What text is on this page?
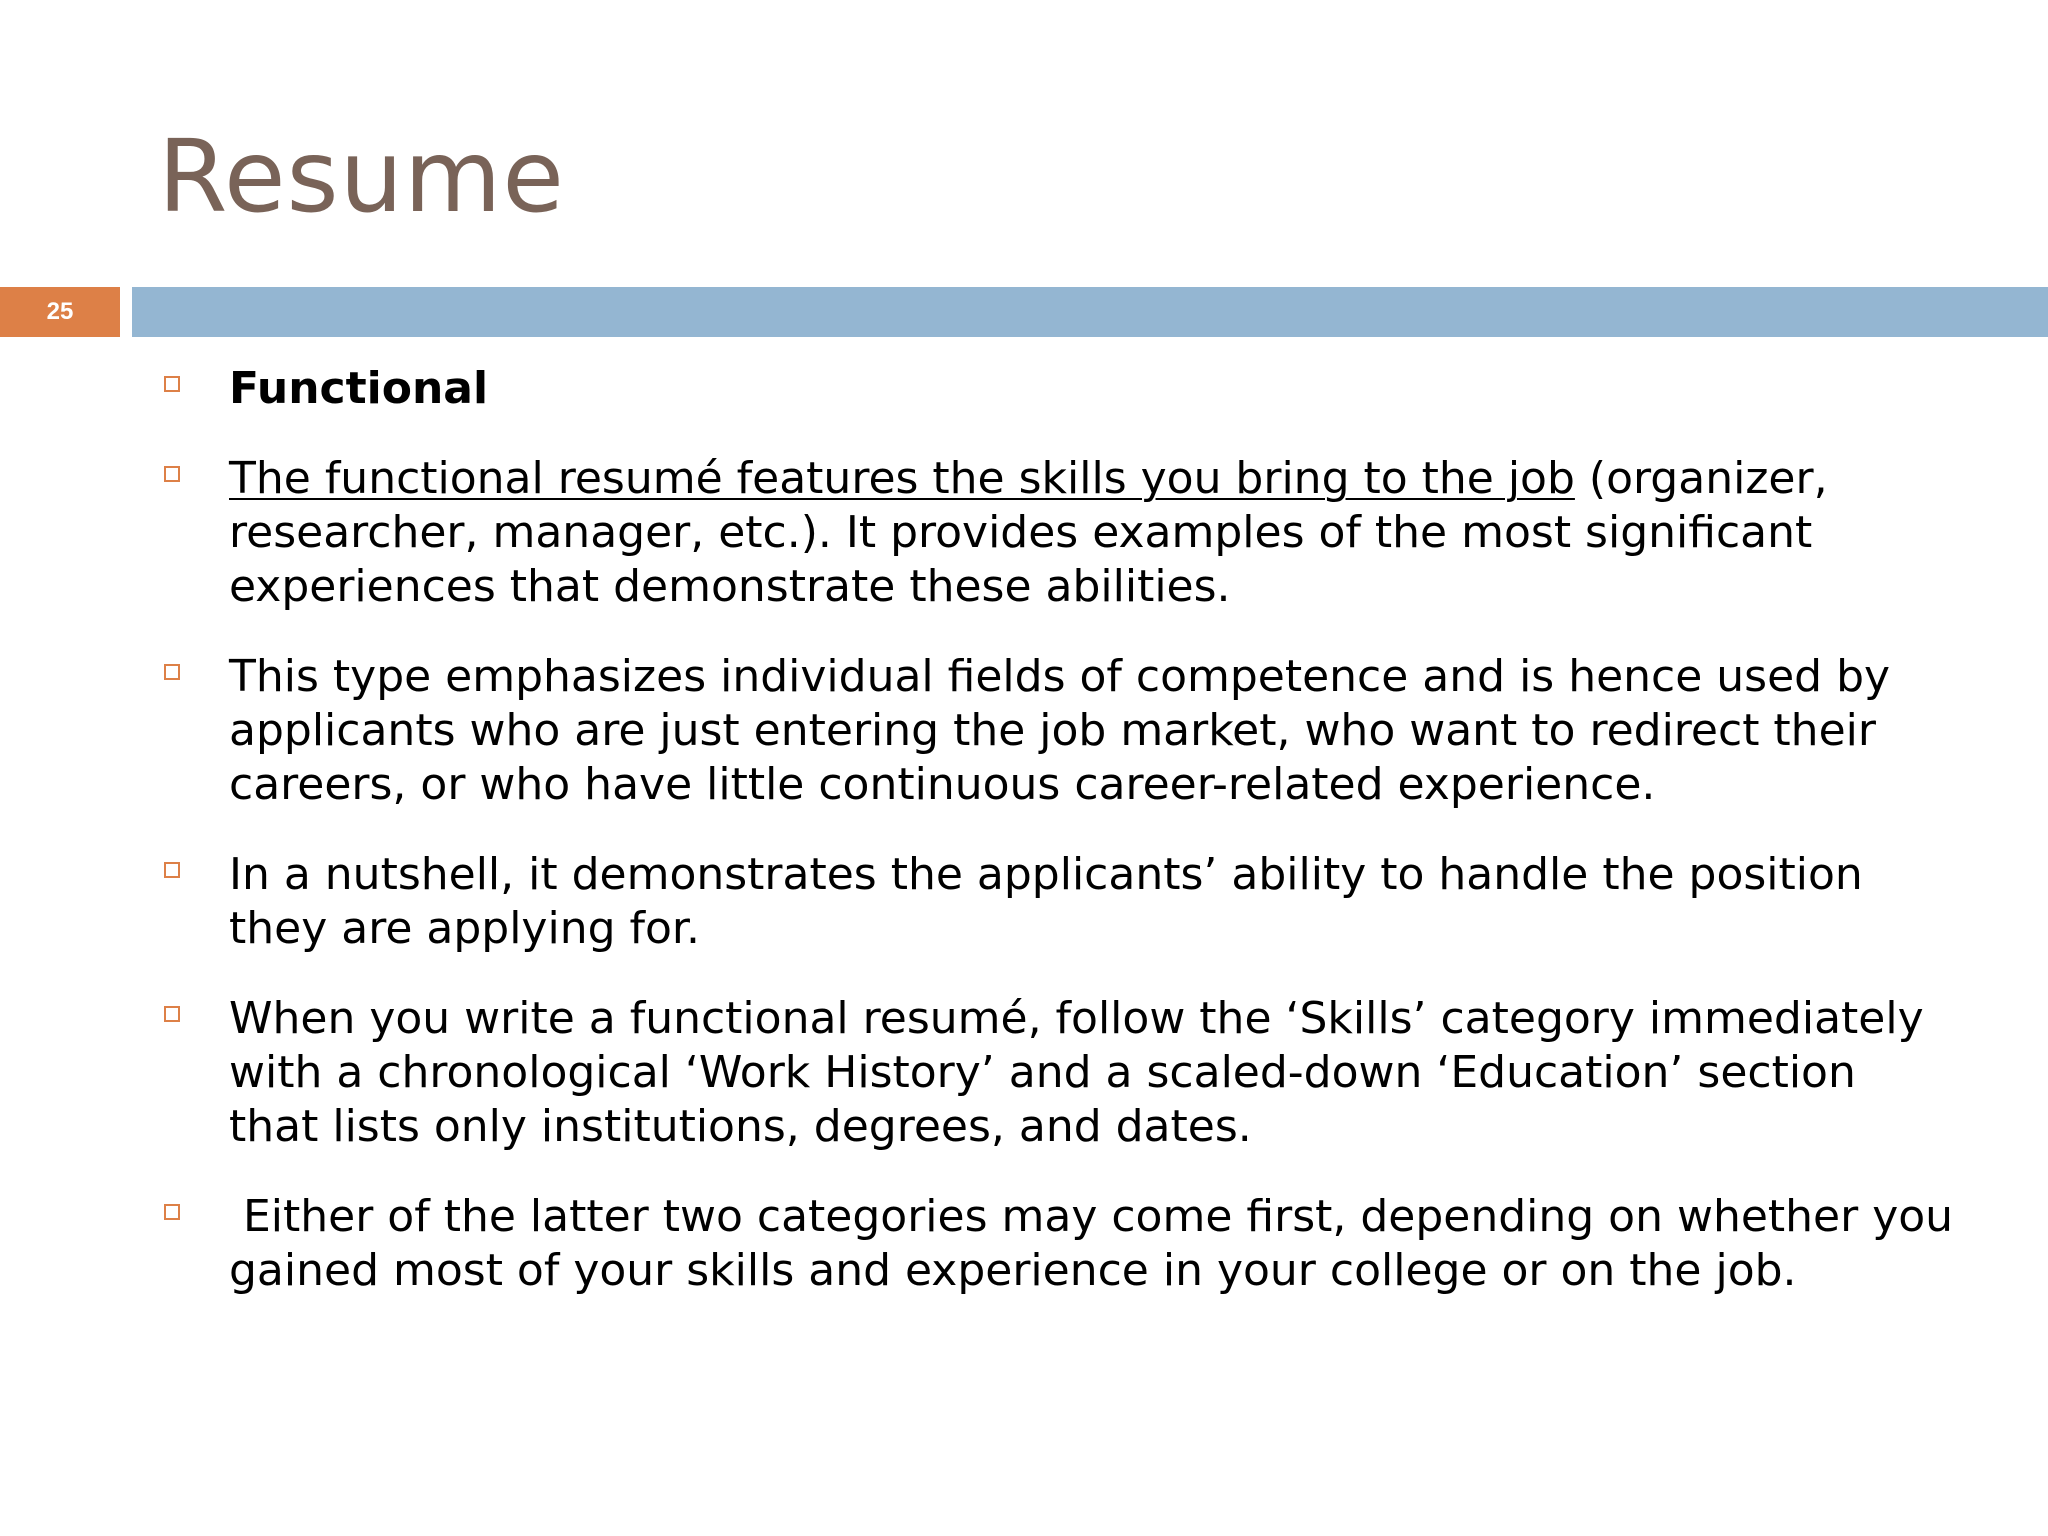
Resume
25
Functional
The functional resumé features the skills you bring to the job (organizer, researcher, manager, etc.). It provides examples of the most significant experiences that demonstrate these abilities.
This type emphasizes individual fields of competence and is hence used by applicants who are just entering the job market, who want to redirect their careers, or who have little continuous career-related experience.
In a nutshell, it demonstrates the applicants’ ability to handle the position they are applying for.
When you write a functional resumé, follow the ‘Skills’ category immediately with a chronological ‘Work History’ and a scaled-down ‘Education’ section that lists only institutions, degrees, and dates.
Either of the latter two categories may come first, depending on whether you gained most of your skills and experience in your college or on the job.
